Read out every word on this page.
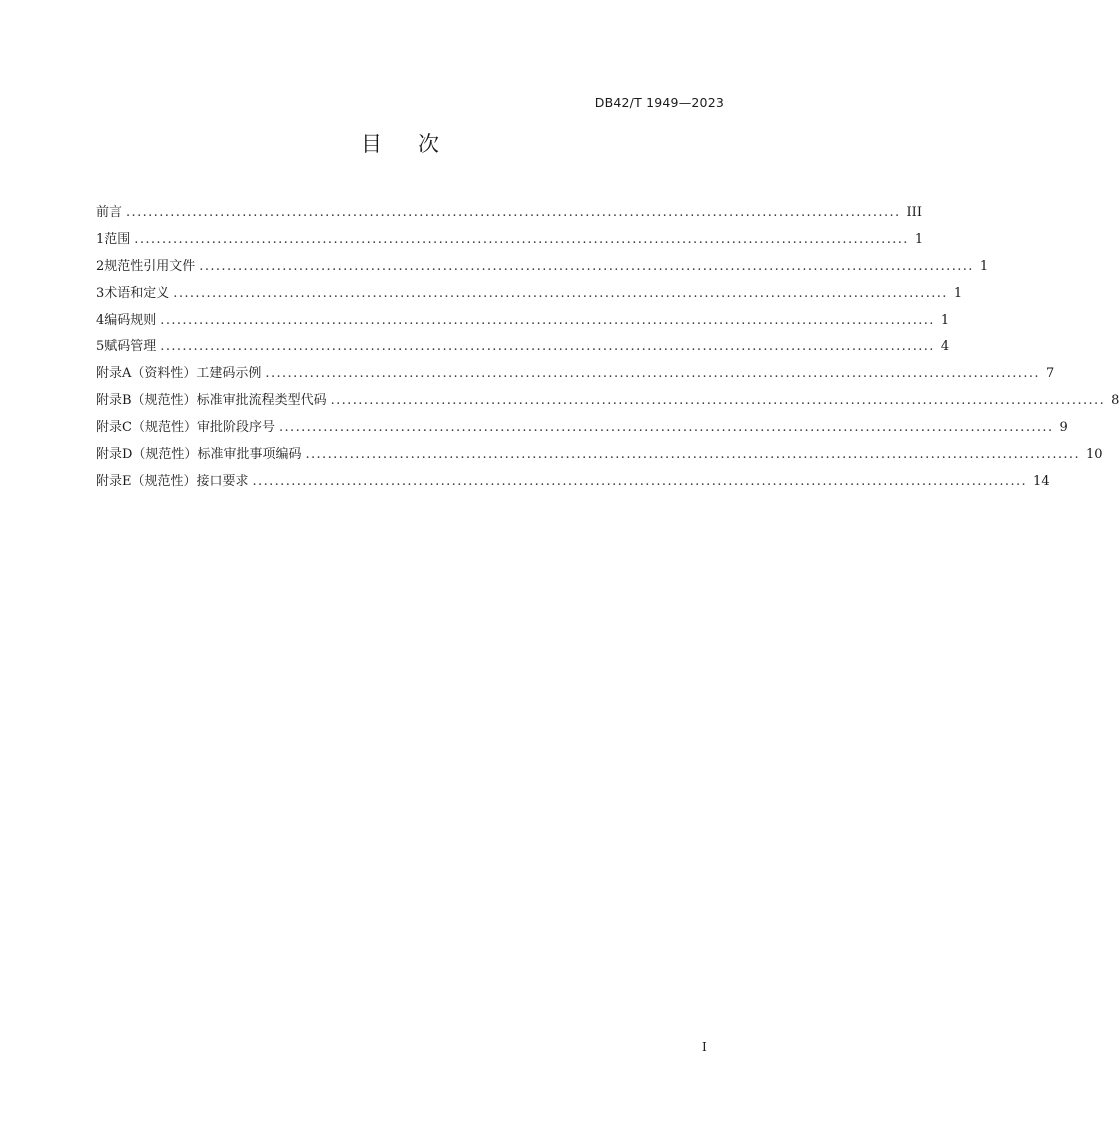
DB42/T 1949—2023
目次
前言 ............................................................................................................................................ III
1 范围 ............................................................................................................................................ 1
2 规范性引用文件 ............................................................................................................................................ 1
3 术语和定义 ............................................................................................................................................ 1
4 编码规则 ............................................................................................................................................ 1
5 赋码管理 ............................................................................................................................................ 4
附录A（资料性） 工建码示例 ............................................................................................................................................ 7
附录B（规范性） 标准审批流程类型代码 ............................................................................................................................................ 8
附录C（规范性） 审批阶段序号 ............................................................................................................................................ 9
附录D（规范性） 标准审批事项编码 ............................................................................................................................................ 10
附录E（规范性） 接口要求 ............................................................................................................................................ 14
I
